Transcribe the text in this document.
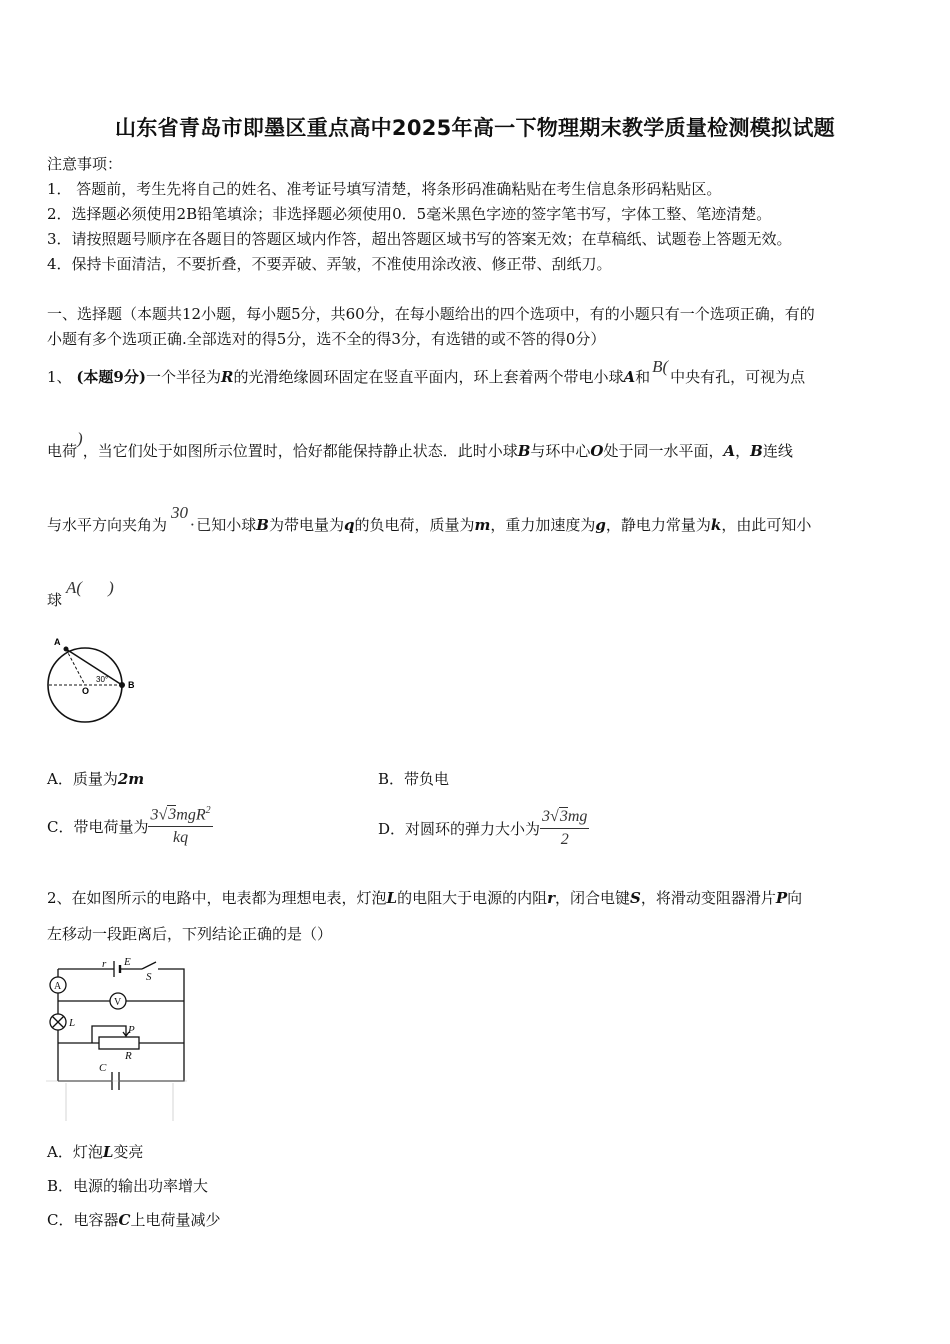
山东省青岛市即墨区重点高中2025年高一下物理期末教学质量检测模拟试题
注意事项：
1． 答题前，考生先将自己的姓名、准考证号填写清楚，将条形码准确粘贴在考生信息条形码粘贴区。
2．选择题必须使用2B铅笔填涂；非选择题必须使用0．5毫米黑色字迹的签字笔书写，字体工整、笔迹清楚。
3．请按照题号顺序在各题目的答题区域内作答，超出答题区域书写的答案无效；在草稿纸、试题卷上答题无效。
4．保持卡面清洁，不要折叠，不要弄破、弄皱，不准使用涂改液、修正带、刮纸刀。
一、选择题（本题共12小题，每小题5分，共60分，在每小题给出的四个选项中，有的小题只有一个选项正确，有的
小题有多个选项正确.全部选对的得5分，选不全的得3分，有选错的或不答的得0分）
1、 (本题9分)一个半径为R的光滑绝缘圆环固定在竖直平面内，环上套着两个带电小球A和B(中央有孔，可视为点
电荷)，当它们处于如图所示位置时，恰好都能保持静止状态．此时小球B与环中心O处于同一水平面，A，B连线
与水平方向夹角为30· 已知小球B为带电量为q的负电荷，质量为m，重力加速度为g，静电力常量为k，由此可知小
球A( )
A
O
B
30°
A．质量为2m	B．带负电
C．带电荷量为 $\frac{3√3mgR^2}{kq}$	D．对圆环的弹力大小为 $\frac{3√3mg}{2}$
2、在如图所示的电路中，电表都为理想电表，灯泡L的电阻大于电源的内阻r，闭合电键S，将滑动变阻器滑片P向
左移动一段距离后，下列结论正确的是（）
r E
S
A
V
L
P
R
C
A．灯泡L变亮
B．电源的输出功率增大
C．电容器C上电荷量减少
